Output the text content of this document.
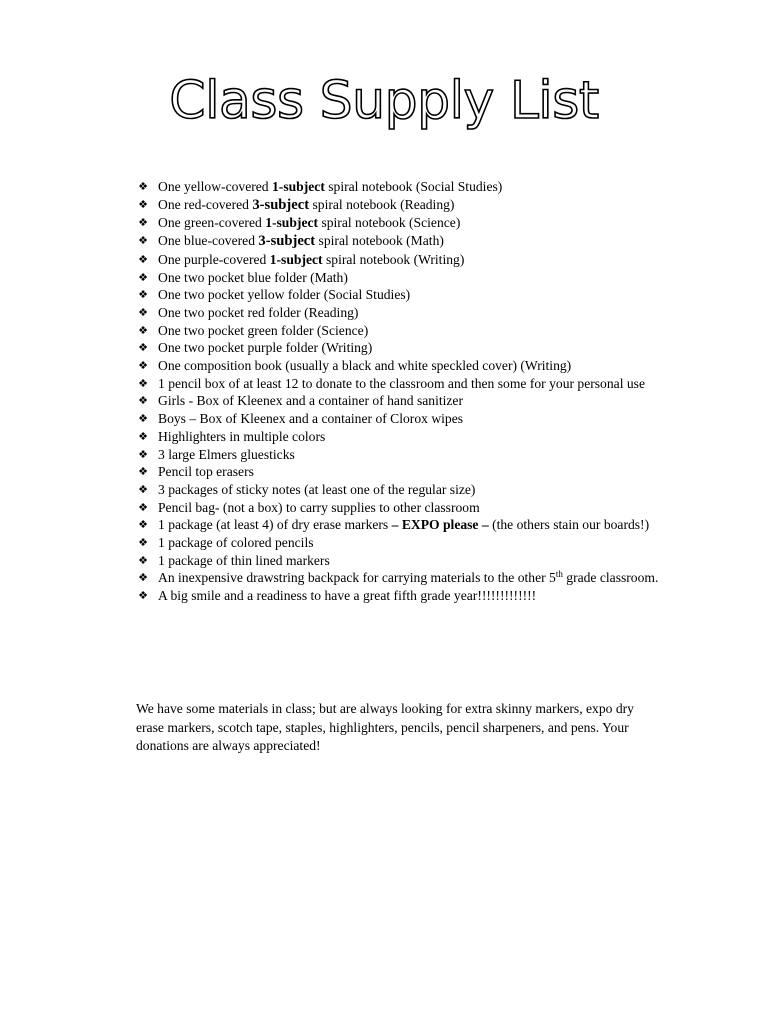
Class Supply List
❖ One yellow-covered 1-subject spiral notebook (Social Studies)
❖ One red-covered 3-subject spiral notebook (Reading)
❖ One green-covered 1-subject spiral notebook (Science)
❖ One blue-covered 3-subject spiral notebook (Math)
❖ One purple-covered 1-subject spiral notebook (Writing)
❖ One two pocket blue folder (Math)
❖ One two pocket yellow folder (Social Studies)
❖ One two pocket red folder (Reading)
❖ One two pocket green folder (Science)
❖ One two pocket purple folder (Writing)
❖ One composition book (usually a black and white speckled cover) (Writing)
❖ 1 pencil box of at least 12 to donate to the classroom and then some for your personal use
❖ Girls - Box of Kleenex and a container of hand sanitizer
❖ Boys – Box of Kleenex and a container of Clorox wipes
❖ Highlighters in multiple colors
❖ 3 large Elmers gluesticks
❖ Pencil top erasers
❖ 3 packages of sticky notes (at least one of the regular size)
❖ Pencil bag- (not a box) to carry supplies to other classroom
❖ 1 package (at least 4) of dry erase markers – EXPO please – (the others stain our boards!)
❖ 1 package of colored pencils
❖ 1 package of thin lined markers
❖ An inexpensive drawstring backpack for carrying materials to the other 5th grade classroom.
❖ A big smile and a readiness to have a great fifth grade year!!!!!!!!!!!!!

We have some materials in class; but are always looking for extra skinny markers, expo dry erase markers, scotch tape, staples, highlighters, pencils, pencil sharpeners, and pens. Your donations are always appreciated!
